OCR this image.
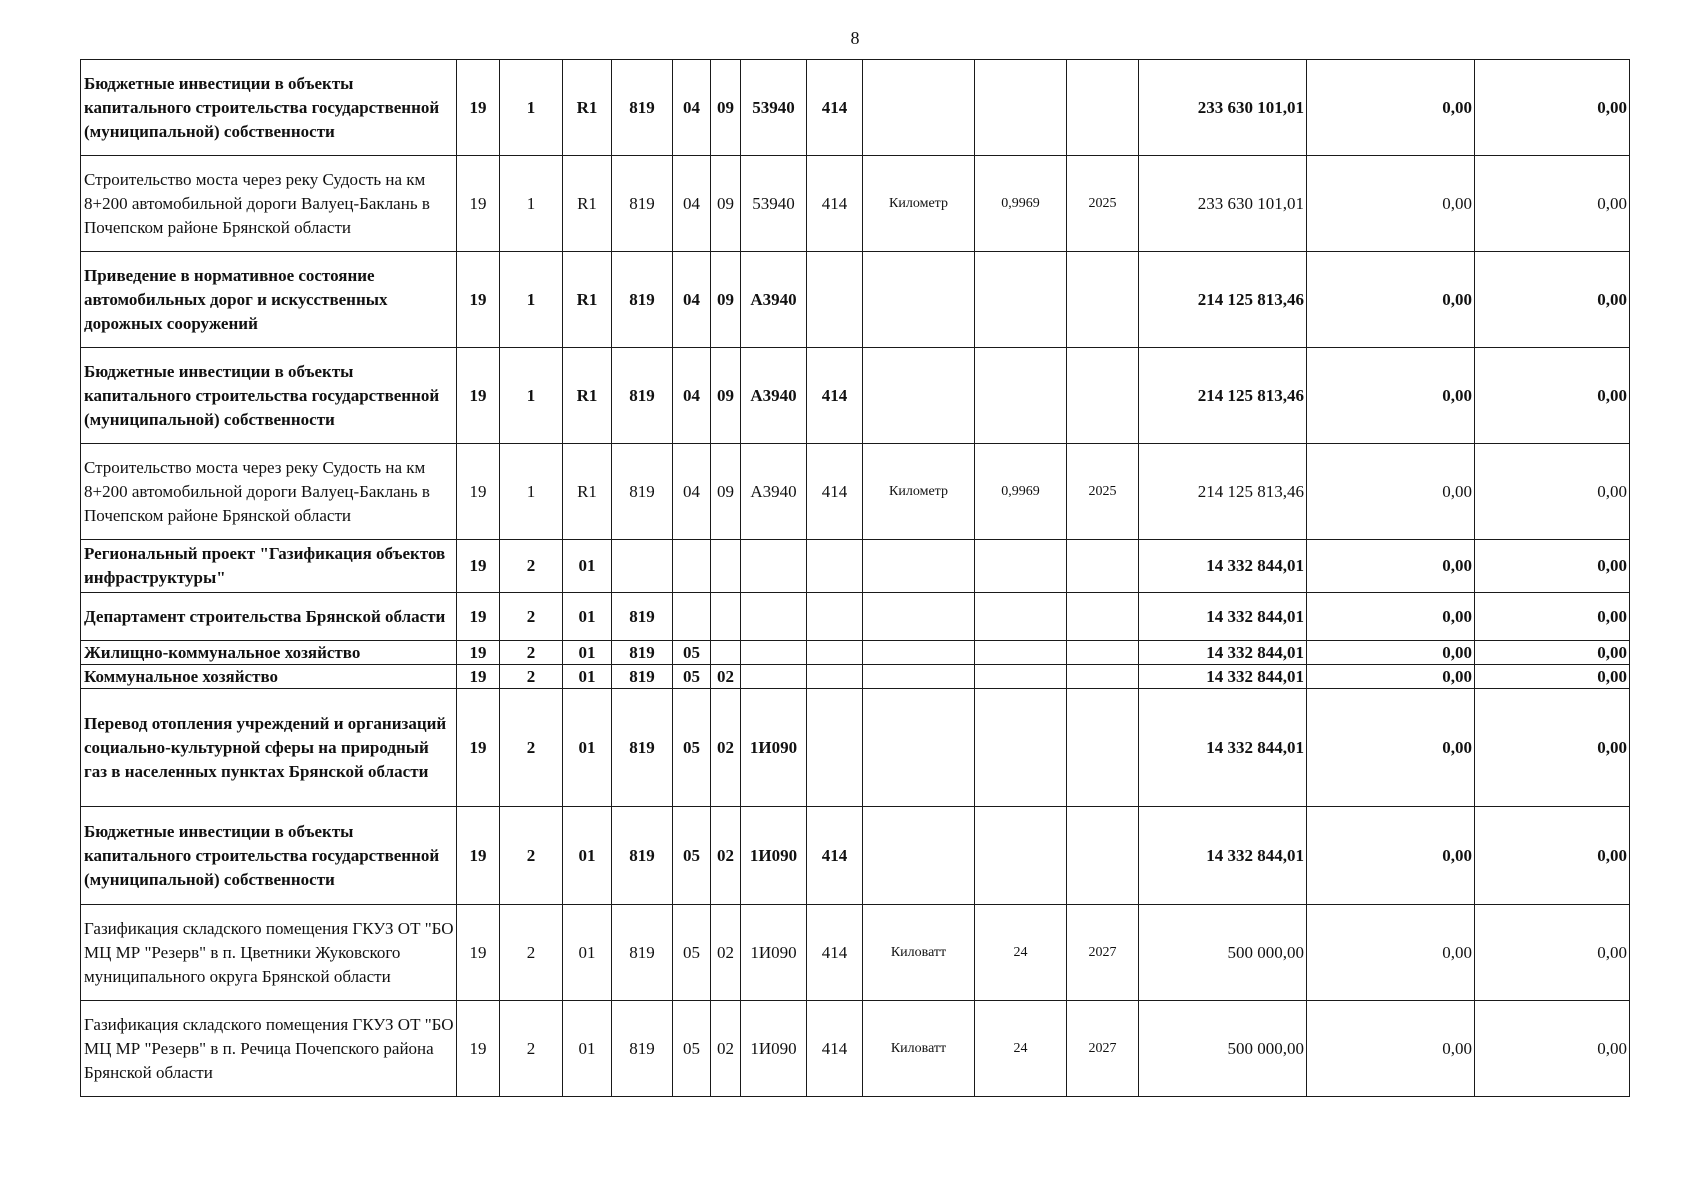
8
Бюджетные инвестиции в объекты капитального строительства государственной (муниципальной) собственности	19	1	R1	819	04	09	53940	414				233 630 101,01	0,00	0,00
Строительство моста через реку Судость на км 8+200 автомобильной дороги Валуец-Баклань в Почепском районе Брянской области	19	1	R1	819	04	09	53940	414	Километр	0,9969	2025	233 630 101,01	0,00	0,00
Приведение в нормативное состояние автомобильных дорог и искусственных дорожных сооружений	19	1	R1	819	04	09	А3940					214 125 813,46	0,00	0,00
Бюджетные инвестиции в объекты капитального строительства государственной (муниципальной) собственности	19	1	R1	819	04	09	А3940	414				214 125 813,46	0,00	0,00
Строительство моста через реку Судость на км 8+200 автомобильной дороги Валуец-Баклань в Почепском районе Брянской области	19	1	R1	819	04	09	А3940	414	Километр	0,9969	2025	214 125 813,46	0,00	0,00
Региональный проект "Газификация объектов инфраструктуры"	19	2	01									14 332 844,01	0,00	0,00
Департамент строительства Брянской области	19	2	01	819								14 332 844,01	0,00	0,00
Жилищно-коммунальное хозяйство	19	2	01	819	05							14 332 844,01	0,00	0,00
Коммунальное хозяйство	19	2	01	819	05	02						14 332 844,01	0,00	0,00
Перевод отопления учреждений и организаций социально-культурной сферы на природный газ в населенных пунктах Брянской области	19	2	01	819	05	02	1И090					14 332 844,01	0,00	0,00
Бюджетные инвестиции в объекты капитального строительства государственной (муниципальной) собственности	19	2	01	819	05	02	1И090	414				14 332 844,01	0,00	0,00
Газификация складского помещения ГКУЗ ОТ "БО МЦ МР "Резерв" в п. Цветники Жуковского муниципального округа Брянской области	19	2	01	819	05	02	1И090	414	Киловатт	24	2027	500 000,00	0,00	0,00
Газификация складского помещения ГКУЗ ОТ "БО МЦ МР "Резерв" в п. Речица Почепского района Брянской области	19	2	01	819	05	02	1И090	414	Киловатт	24	2027	500 000,00	0,00	0,00
